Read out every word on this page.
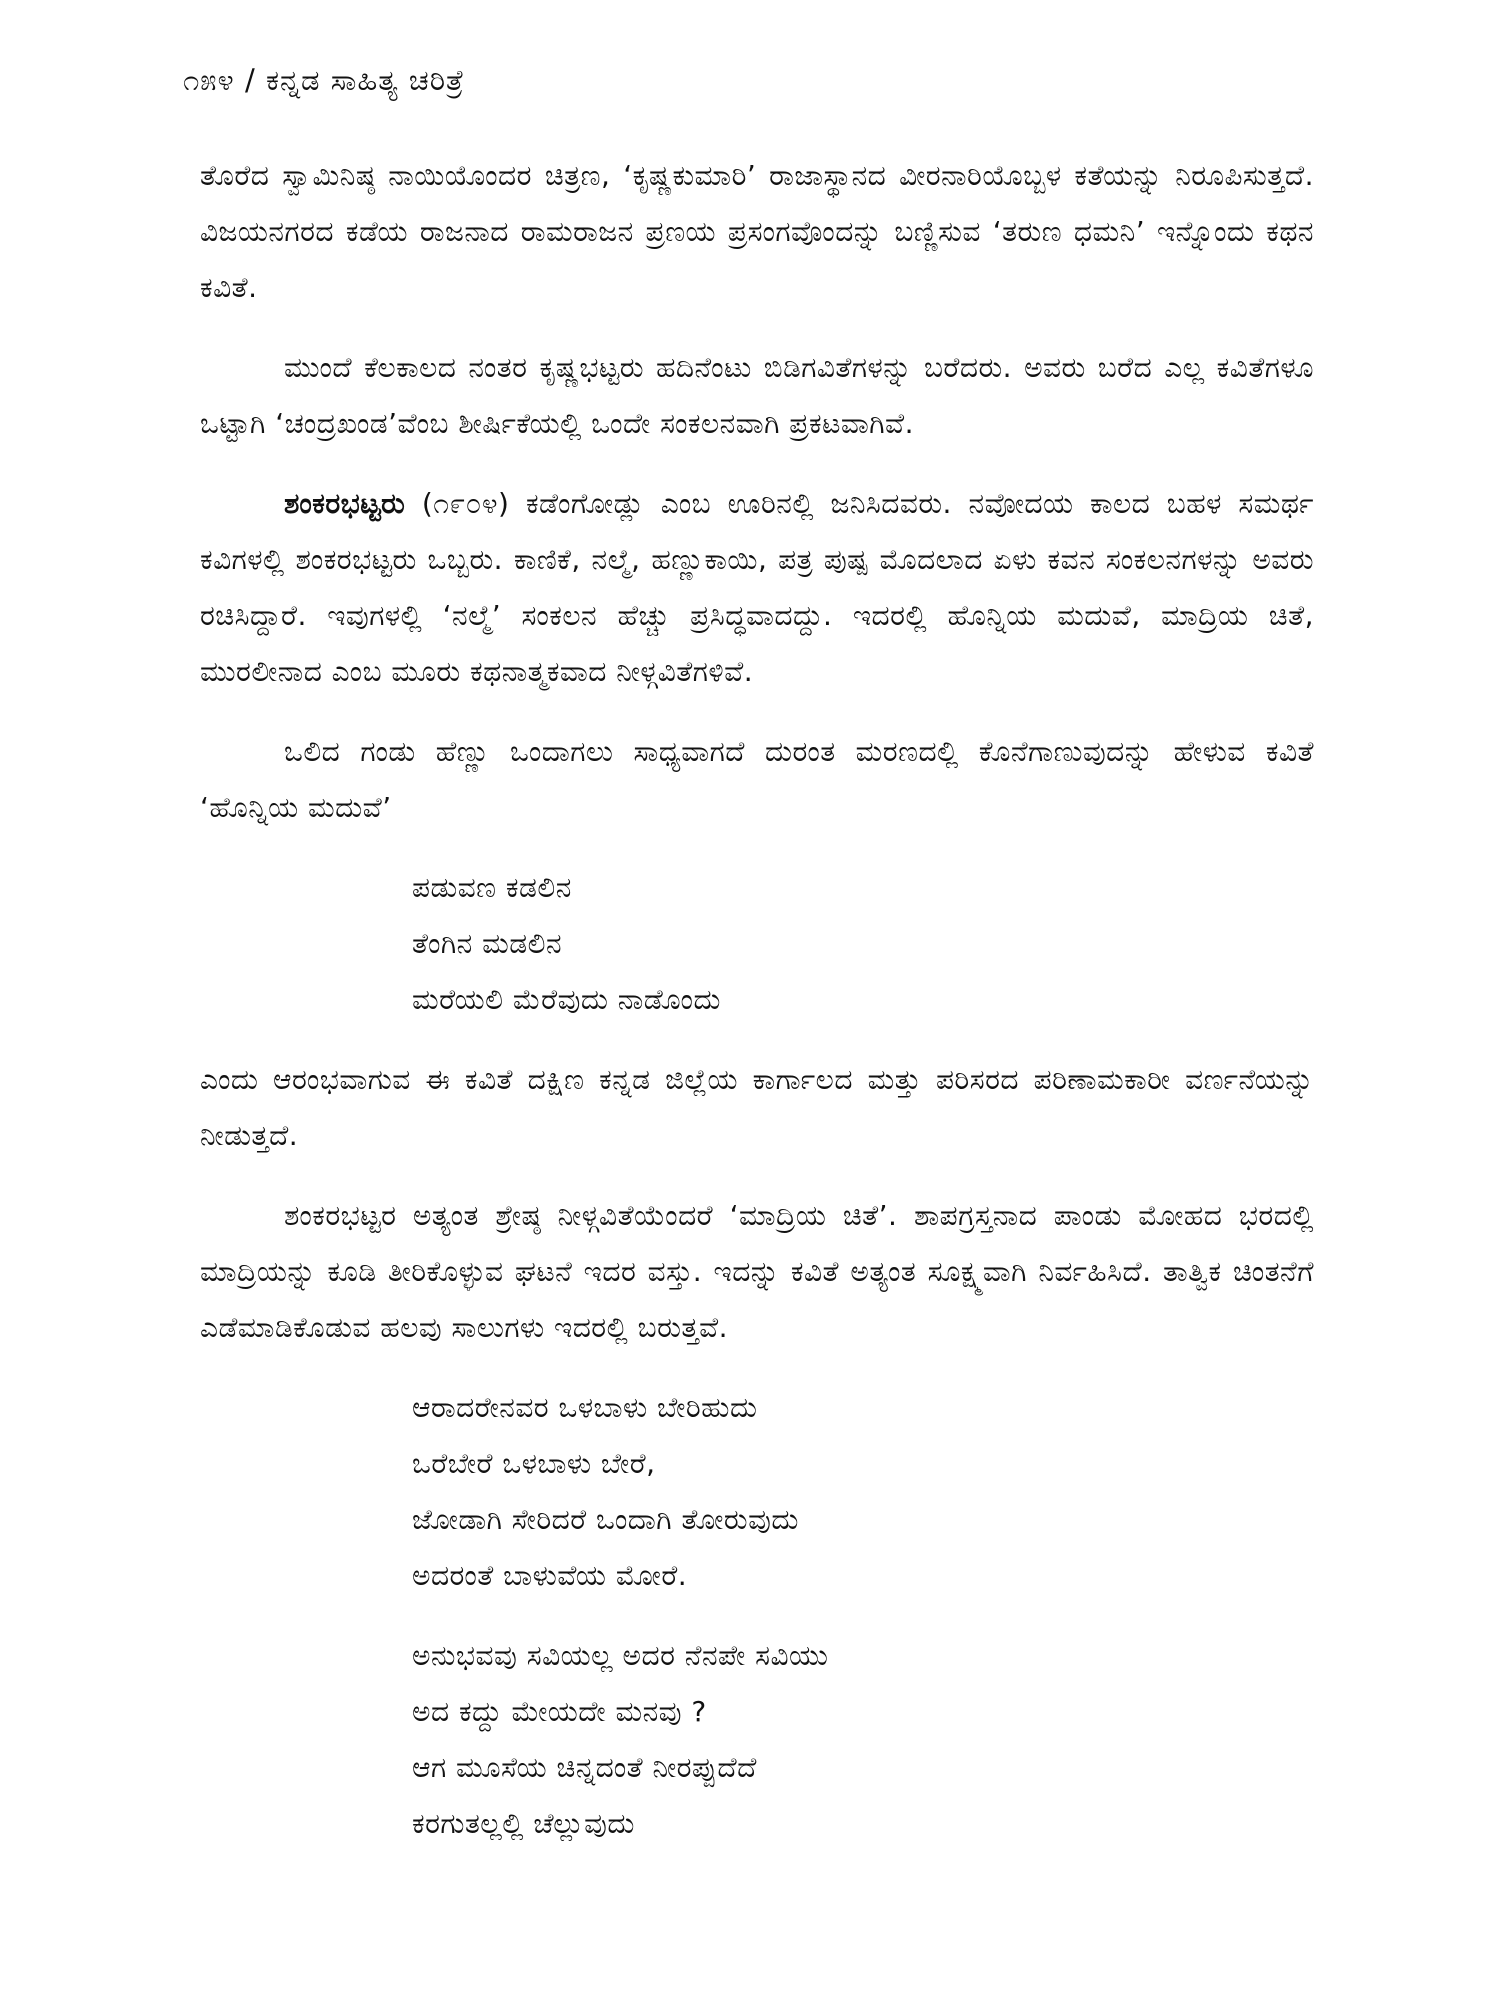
೧೫೪ / ಕನ್ನಡ ಸಾಹಿತ್ಯ ಚರಿತ್ರೆ

ತೊರೆದ ಸ್ವಾಮಿನಿಷ್ಠ ನಾಯಿಯೊಂದರ ಚಿತ್ರಣ, ‘ಕೃಷ್ಣಕುಮಾರಿ’ ರಾಜಾಸ್ಥಾನದ ವೀರನಾರಿಯೊಬ್ಬಳ ಕತೆಯನ್ನು ನಿರೂಪಿಸುತ್ತದೆ. ವಿಜಯನಗರದ ಕಡೆಯ ರಾಜನಾದ ರಾಮರಾಜನ ಪ್ರಣಯ ಪ್ರಸಂಗವೊಂದನ್ನು ಬಣ್ಣಿಸುವ ‘ತರುಣ ಧಮನಿ’ ಇನ್ನೊಂದು ಕಥನ ಕವಿತೆ.

ಮುಂದೆ ಕೆಲಕಾಲದ ನಂತರ ಕೃಷ್ಣಭಟ್ಟರು ಹದಿನೆಂಟು ಬಿಡಿಗವಿತೆಗಳನ್ನು ಬರೆದರು. ಅವರು ಬರೆದ ಎಲ್ಲ ಕವಿತೆಗಳೂ ಒಟ್ಟಾಗಿ ‘ಚಂದ್ರಖಂಡ’ವೆಂಬ ಶೀರ್ಷಿಕೆಯಲ್ಲಿ ಒಂದೇ ಸಂಕಲನವಾಗಿ ಪ್ರಕಟವಾಗಿವೆ.

ಶಂಕರಭಟ್ಟರು (೧೯೦೪) ಕಡೆಂಗೋಡ್ಲು ಎಂಬ ಊರಿನಲ್ಲಿ ಜನಿಸಿದವರು. ನವೋದಯ ಕಾಲದ ಬಹಳ ಸಮರ್ಥ ಕವಿಗಳಲ್ಲಿ ಶಂಕರಭಟ್ಟರು ಒಬ್ಬರು. ಕಾಣಿಕೆ, ನಲ್ಮೆ, ಹಣ್ಣುಕಾಯಿ, ಪತ್ರ ಪುಷ್ಪ ಮೊದಲಾದ ಏಳು ಕವನ ಸಂಕಲನಗಳನ್ನು ಅವರು ರಚಿಸಿದ್ದಾರೆ. ಇವುಗಳಲ್ಲಿ ‘ನಲ್ಮೆ’ ಸಂಕಲನ ಹೆಚ್ಚು ಪ್ರಸಿದ್ಧವಾದದ್ದು. ಇದರಲ್ಲಿ ಹೊನ್ನಿಯ ಮದುವೆ, ಮಾದ್ರಿಯ ಚಿತೆ, ಮುರಲೀನಾದ ಎಂಬ ಮೂರು ಕಥನಾತ್ಮಕವಾದ ನೀಳ್ಗವಿತೆಗಳಿವೆ.

ಒಲಿದ ಗಂಡು ಹೆಣ್ಣು ಒಂದಾಗಲು ಸಾಧ್ಯವಾಗದೆ ದುರಂತ ಮರಣದಲ್ಲಿ ಕೊನೆಗಾಣುವುದನ್ನು ಹೇಳುವ ಕವಿತೆ ‘ಹೊನ್ನಿಯ ಮದುವೆ’

ಪಡುವಣ ಕಡಲಿನ
ತೆಂಗಿನ ಮಡಲಿನ
ಮರೆಯಲಿ ಮೆರೆವುದು ನಾಡೊಂದು

ಎಂದು ಆರಂಭವಾಗುವ ಈ ಕವಿತೆ ದಕ್ಷಿಣ ಕನ್ನಡ ಜಿಲ್ಲೆಯ ಕಾರ್ಗಾಲದ ಮತ್ತು ಪರಿಸರದ ಪರಿಣಾಮಕಾರೀ ವರ್ಣನೆಯನ್ನು ನೀಡುತ್ತದೆ.

ಶಂಕರಭಟ್ಟರ ಅತ್ಯಂತ ಶ್ರೇಷ್ಠ ನೀಳ್ಗವಿತೆಯೆಂದರೆ ‘ಮಾದ್ರಿಯ ಚಿತೆ’. ಶಾಪಗ್ರಸ್ತನಾದ ಪಾಂಡು ಮೋಹದ ಭರದಲ್ಲಿ ಮಾದ್ರಿಯನ್ನು ಕೂಡಿ ತೀರಿಕೊಳ್ಳುವ ಘಟನೆ ಇದರ ವಸ್ತು. ಇದನ್ನು ಕವಿತೆ ಅತ್ಯಂತ ಸೂಕ್ಷ್ಮವಾಗಿ ನಿರ್ವಹಿಸಿದೆ. ತಾತ್ವಿಕ ಚಿಂತನೆಗೆ ಎಡೆಮಾಡಿಕೊಡುವ ಹಲವು ಸಾಲುಗಳು ಇದರಲ್ಲಿ ಬರುತ್ತವೆ.

ಆರಾದರೇನವರ ಒಳಬಾಳು ಬೇರಿಹುದು
ಒರೆಬೇರೆ ಒಳಬಾಳು ಬೇರೆ,
ಜೋಡಾಗಿ ಸೇರಿದರೆ ಒಂದಾಗಿ ತೋರುವುದು
ಅದರಂತೆ ಬಾಳುವೆಯ ಮೋರೆ.
ಅನುಭವವು ಸವಿಯಲ್ಲ ಅದರ ನೆನಪೇ ಸವಿಯು
ಅದ ಕದ್ದು ಮೇಯದೇ ಮನವು ?
ಆಗ ಮೂಸೆಯ ಚಿನ್ನದಂತೆ ನೀರಪ್ಪುದೆದೆ
ಕರಗುತಲ್ಲಲ್ಲಿ ಚೆಲ್ಲುವುದು
